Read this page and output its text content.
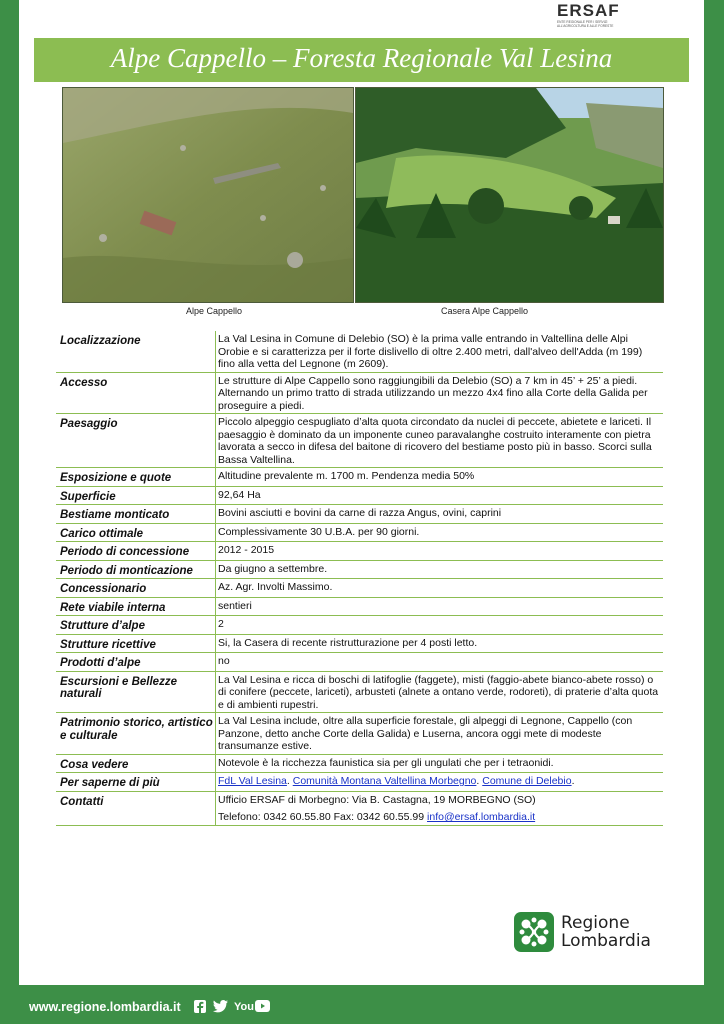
ERSAF
ENTE REGIONALE PER I SERVIZI ALL'AGRICOLTURA E ALLE FORESTE
Alpe Cappello – Foresta Regionale Val Lesina
Alpe Cappello	Casera Alpe Cappello
Localizzazione	La Val Lesina in Comune di Delebio (SO) è la prima valle entrando in Valtellina delle Alpi Orobie e si caratterizza per il forte dislivello di oltre 2.400 metri, dall'alveo dell'Adda (m 199) fino alla vetta del Legnone (m 2609).
Accesso	Le strutture di Alpe Cappello sono raggiungibili da Delebio (SO) a 7 km in 45’ + 25’ a piedi. Alternando un primo tratto di strada utilizzando un mezzo 4x4 fino alla Corte della Galida per proseguire a piedi.
Paesaggio	Piccolo alpeggio cespugliato d’alta quota circondato da nuclei di peccete, abietete e lariceti. Il paesaggio è dominato da un imponente cuneo paravalanghe costruito interamente con pietra lavorata a secco in difesa del baitone di ricovero del bestiame posto più in basso. Scorci sulla Bassa Valtellina.
Esposizione e quote	Altitudine prevalente m. 1700 m. Pendenza media 50%
Superficie	92,64 Ha
Bestiame monticato	Bovini asciutti e bovini da carne di razza Angus, ovini, caprini
Carico ottimale	Complessivamente 30 U.B.A. per 90 giorni.
Periodo di concessione	2012 - 2015
Periodo di monticazione	Da giugno a settembre.
Concessionario	Az. Agr. Involti Massimo.
Rete viabile interna	sentieri
Strutture d’alpe	2
Strutture ricettive	Si, la Casera di recente ristrutturazione per 4 posti letto.
Prodotti d’alpe	no
Escursioni e Bellezze naturali	La Val Lesina e ricca di boschi di latifoglie (faggete), misti (faggio-abete bianco-abete rosso) o di conifere (peccete, lariceti), arbusteti (alnete a ontano verde, rodoreti), di praterie d’alta quota e di ambienti rupestri.
Patrimonio storico, artistico e culturale	La Val Lesina include, oltre alla superficie forestale, gli alpeggi di Legnone, Cappello (con Panzone, detto anche Corte della Galida) e Luserna, ancora oggi mete di modeste transumanze estive.
Cosa vedere	Notevole è la ricchezza faunistica sia per gli ungulati che per i tetraonidi.
Per saperne di più	FdL Val Lesina. Comunità Montana Valtellina Morbegno. Comune di Delebio.
Contatti	Ufficio ERSAF di Morbegno: Via B. Castagna, 19 MORBEGNO (SO)
Telefono: 0342 60.55.80 Fax: 0342 60.55.99 info@ersaf.lombardia.it
Regione
Lombardia
www.regione.lombardia.it	You
